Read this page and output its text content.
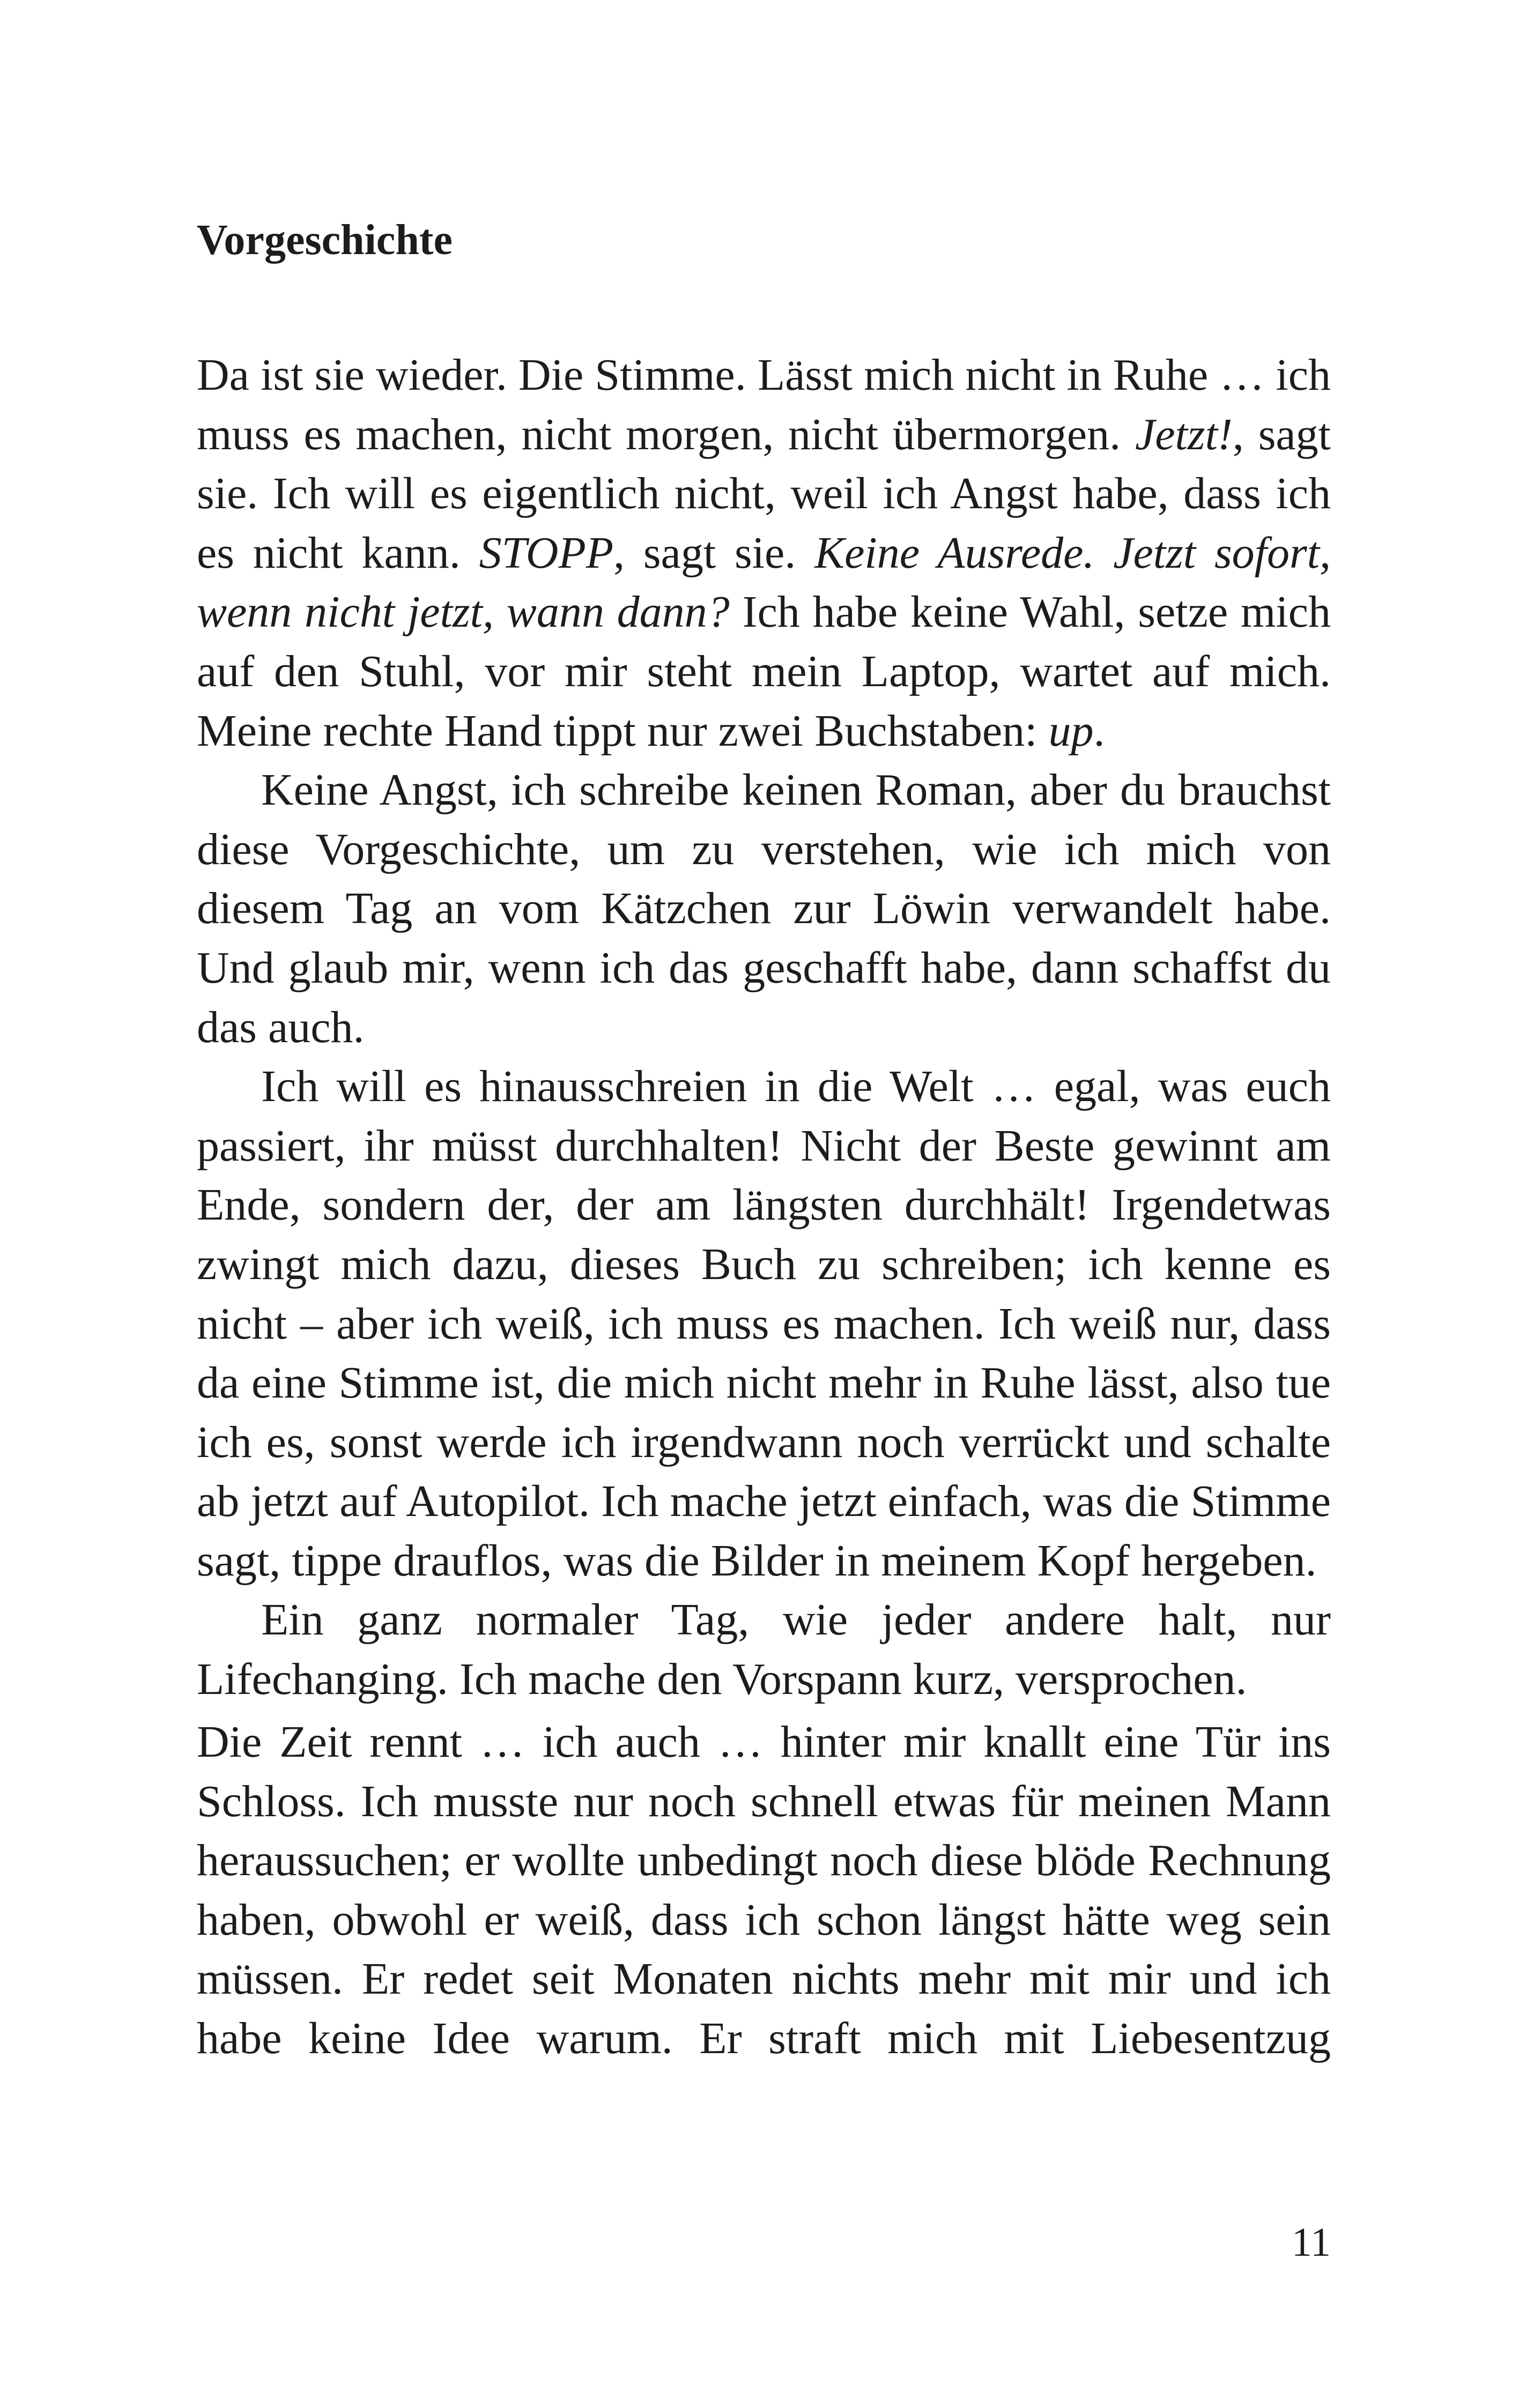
Vorgeschichte

Da ist sie wieder. Die Stimme. Lässt mich nicht in Ruhe … ich muss es machen, nicht morgen, nicht übermorgen. Jetzt!, sagt sie. Ich will es eigentlich nicht, weil ich Angst habe, dass ich es nicht kann. STOPP, sagt sie. Keine Ausrede. Jetzt sofort, wenn nicht jetzt, wann dann? Ich habe keine Wahl, setze mich auf den Stuhl, vor mir steht mein Laptop, wartet auf mich. Meine rechte Hand tippt nur zwei Buchstaben: up.

Keine Angst, ich schreibe keinen Roman, aber du brauchst diese Vorgeschichte, um zu verstehen, wie ich mich von diesem Tag an vom Kätzchen zur Löwin verwandelt habe. Und glaub mir, wenn ich das geschafft habe, dann schaffst du das auch.

Ich will es hinausschreien in die Welt … egal, was euch passiert, ihr müsst durchhalten! Nicht der Beste gewinnt am Ende, sondern der, der am längsten durchhält! Irgendetwas zwingt mich dazu, dieses Buch zu schreiben; ich kenne es nicht – aber ich weiß, ich muss es machen. Ich weiß nur, dass da eine Stimme ist, die mich nicht mehr in Ruhe lässt, also tue ich es, sonst werde ich irgendwann noch verrückt und schalte ab jetzt auf Autopilot. Ich mache jetzt einfach, was die Stimme sagt, tippe drauflos, was die Bilder in meinem Kopf hergeben.

Ein ganz normaler Tag, wie jeder andere halt, nur Lifechanging. Ich mache den Vorspann kurz, versprochen.

Die Zeit rennt … ich auch … hinter mir knallt eine Tür ins Schloss. Ich musste nur noch schnell etwas für meinen Mann heraussuchen; er wollte unbedingt noch diese blöde Rechnung haben, obwohl er weiß, dass ich schon längst hätte weg sein müssen. Er redet seit Monaten nichts mehr mit mir und ich habe keine Idee warum. Er straft mich mit Liebesentzug

11
